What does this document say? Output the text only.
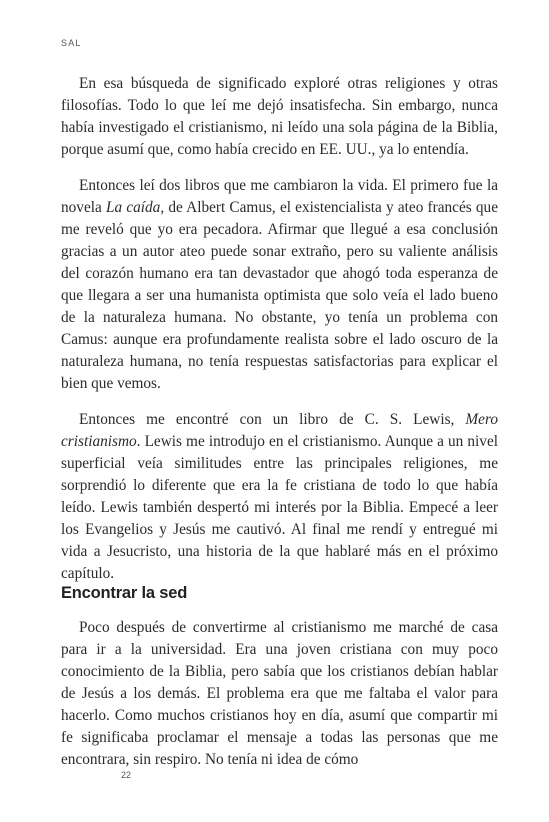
SAL

En esa búsqueda de significado exploré otras religiones y otras filosofías. Todo lo que leí me dejó insatisfecha. Sin embargo, nunca había investigado el cristianismo, ni leído una sola página de la Biblia, porque asumí que, como había crecido en EE. UU., ya lo entendía.

Entonces leí dos libros que me cambiaron la vida. El primero fue la novela La caída, de Albert Camus, el existencialista y ateo francés que me reveló que yo era pecadora. Afirmar que llegué a esa conclusión gracias a un autor ateo puede sonar extraño, pero su valiente análisis del corazón humano era tan devastador que ahogó toda esperanza de que llegara a ser una humanista optimista que solo veía el lado bueno de la naturaleza humana. No obstante, yo tenía un problema con Camus: aunque era profundamente realista sobre el lado oscuro de la naturaleza humana, no tenía respuestas satisfactorias para explicar el bien que vemos.

Entonces me encontré con un libro de C. S. Lewis, Mero cristianismo. Lewis me introdujo en el cristianismo. Aunque a un nivel superficial veía similitudes entre las principales religiones, me sorprendió lo diferente que era la fe cristiana de todo lo que había leído. Lewis también despertó mi interés por la Biblia. Empecé a leer los Evangelios y Jesús me cautivó. Al final me rendí y entregué mi vida a Jesucristo, una historia de la que hablaré más en el próximo capítulo.

Encontrar la sed

Poco después de convertirme al cristianismo me marché de casa para ir a la universidad. Era una joven cristiana con muy poco conocimiento de la Biblia, pero sabía que los cristianos debían hablar de Jesús a los demás. El problema era que me faltaba el valor para hacerlo. Como muchos cristianos hoy en día, asumí que compartir mi fe significaba proclamar el mensaje a todas las personas que me encontrara, sin respiro. No tenía ni idea de cómo

22
